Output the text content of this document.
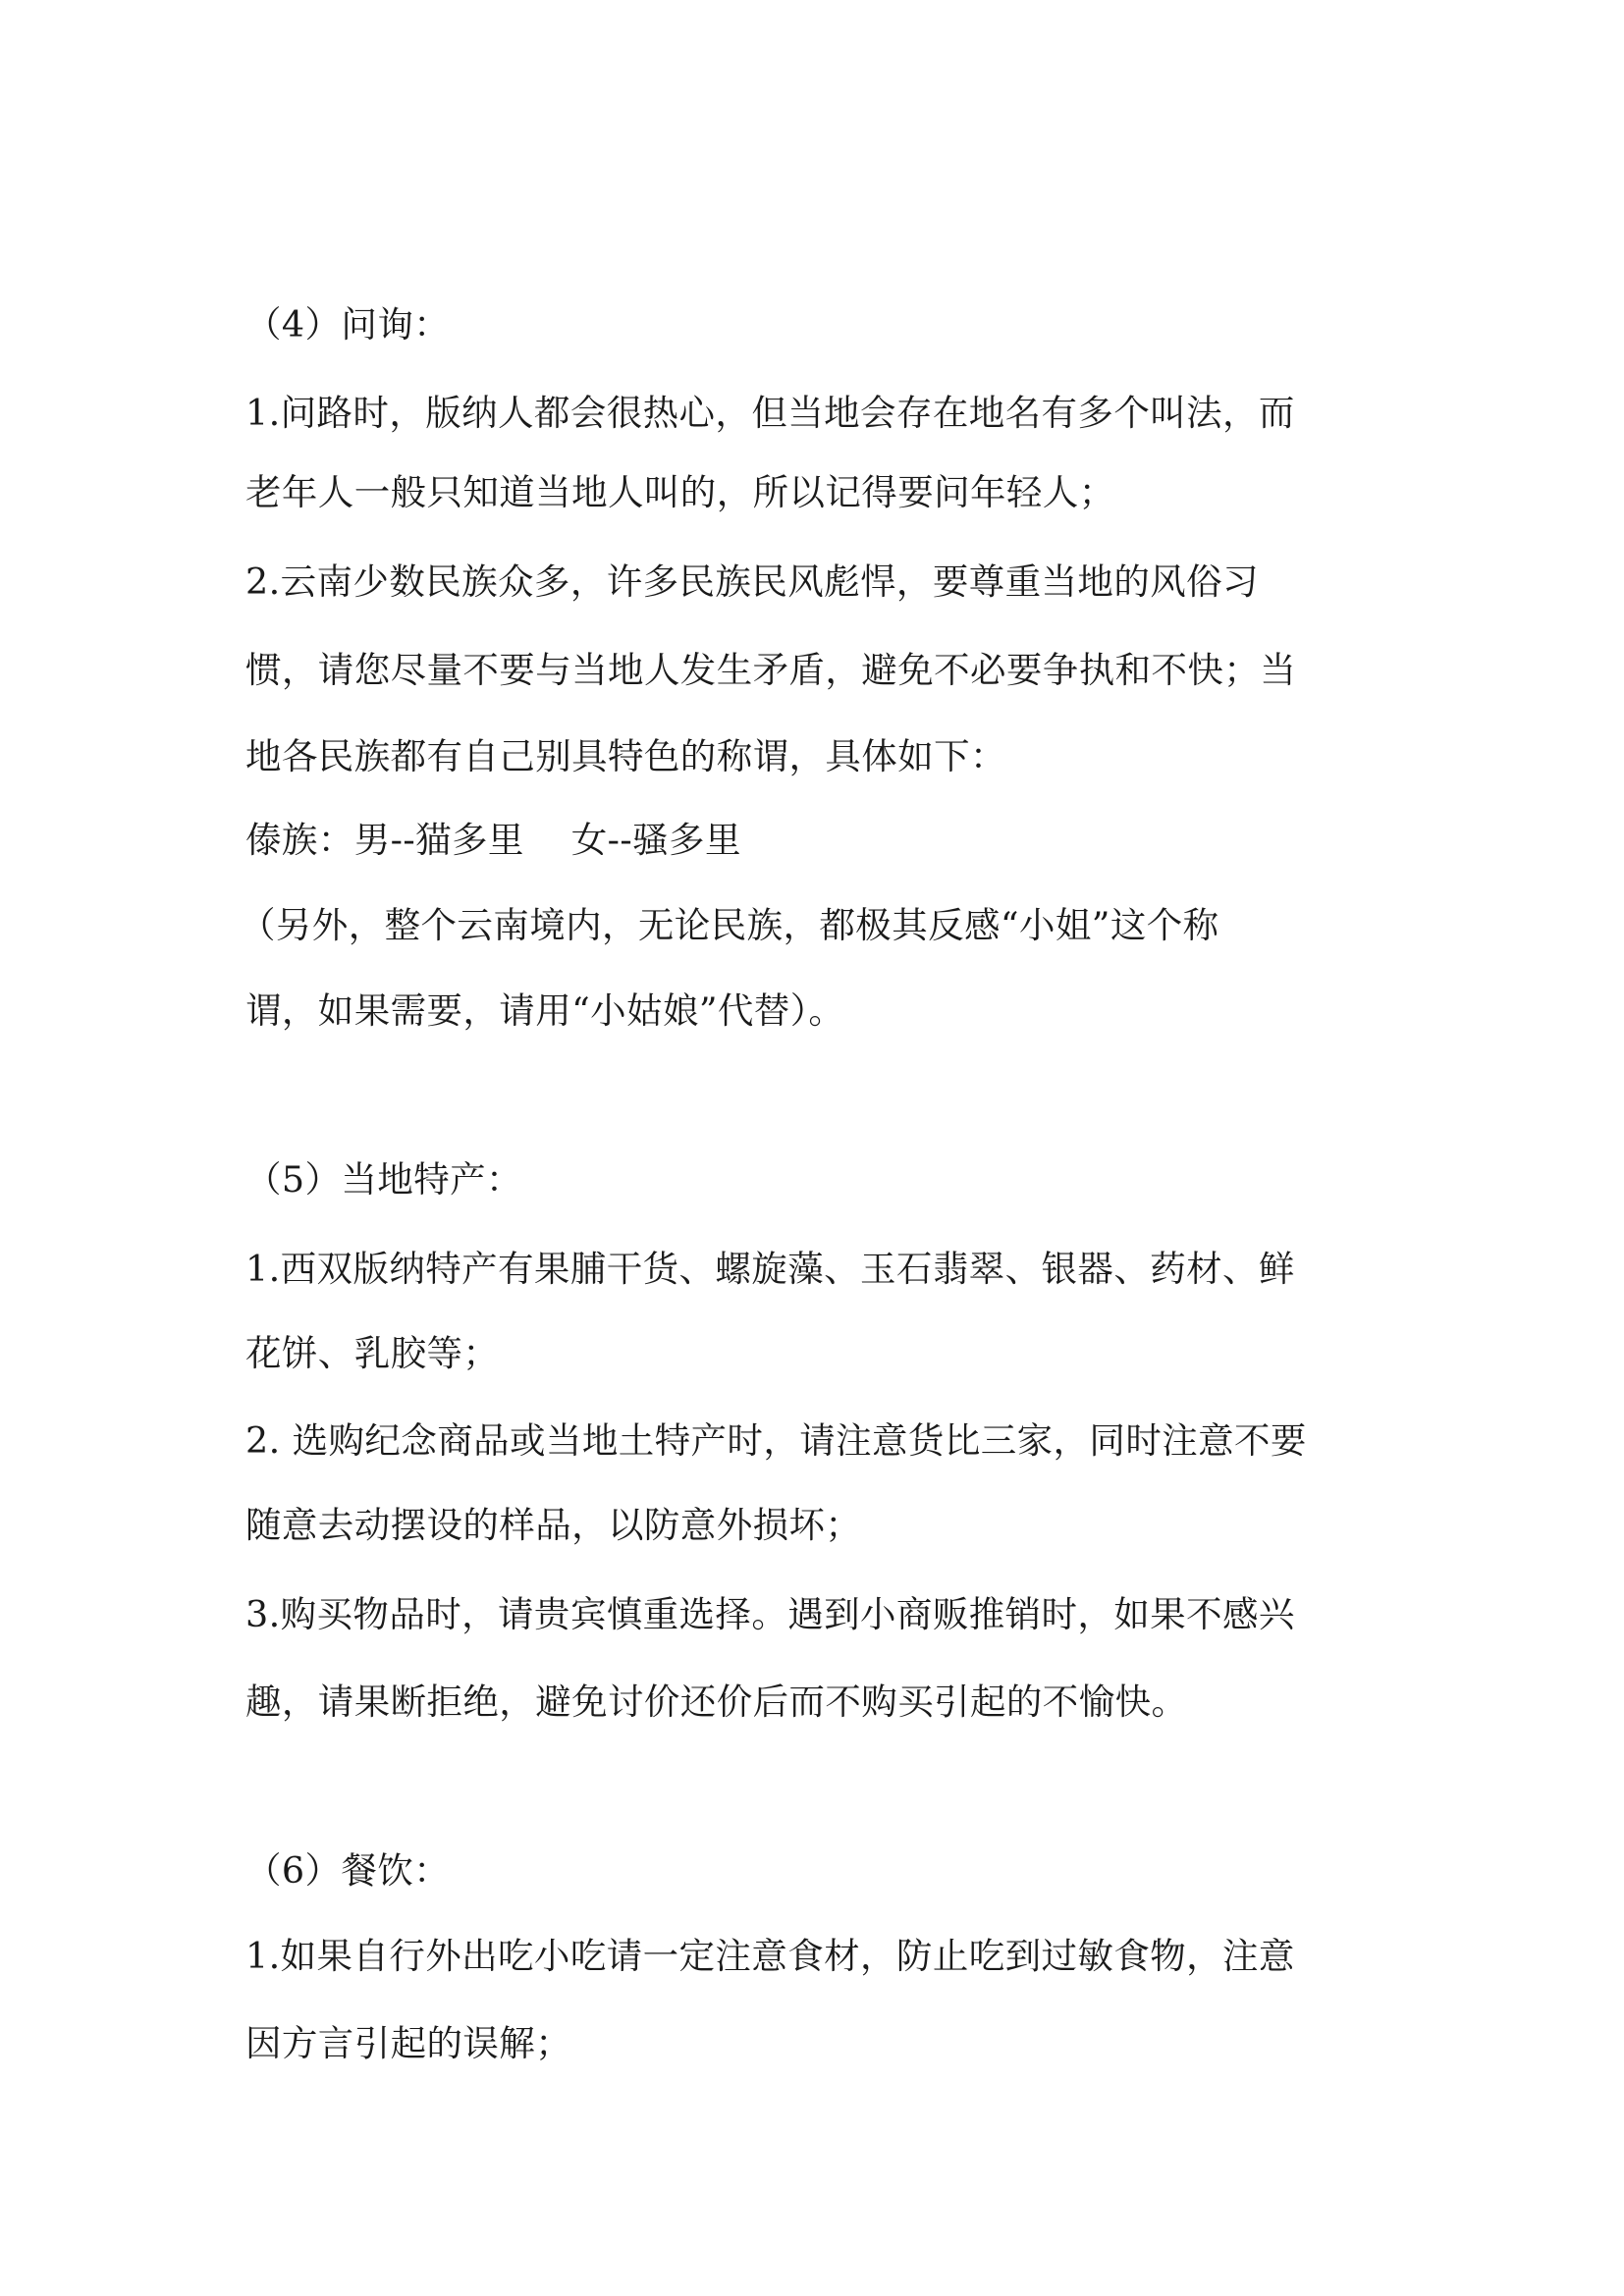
（4）问询：
1.问路时，版纳人都会很热心，但当地会存在地名有多个叫法，而
老年人一般只知道当地人叫的，所以记得要问年轻人；
2.云南少数民族众多，许多民族民风彪悍，要尊重当地的风俗习
惯，请您尽量不要与当地人发生矛盾，避免不必要争执和不快；当
地各民族都有自己别具特色的称谓，具体如下：
傣族：男--猫多里    女--骚多里
（另外，整个云南境内，无论民族，都极其反感“小姐”这个称
谓，如果需要，请用“小姑娘”代替）。
（5）当地特产：
1.西双版纳特产有果脯干货、螺旋藻、玉石翡翠、银器、药材、鲜
花饼、乳胶等；
2. 选购纪念商品或当地土特产时，请注意货比三家，同时注意不要
随意去动摆设的样品，以防意外损坏；
3.购买物品时，请贵宾慎重选择。遇到小商贩推销时，如果不感兴
趣，请果断拒绝，避免讨价还价后而不购买引起的不愉快。
（6）餐饮：
1.如果自行外出吃小吃请一定注意食材，防止吃到过敏食物，注意
因方言引起的误解；
